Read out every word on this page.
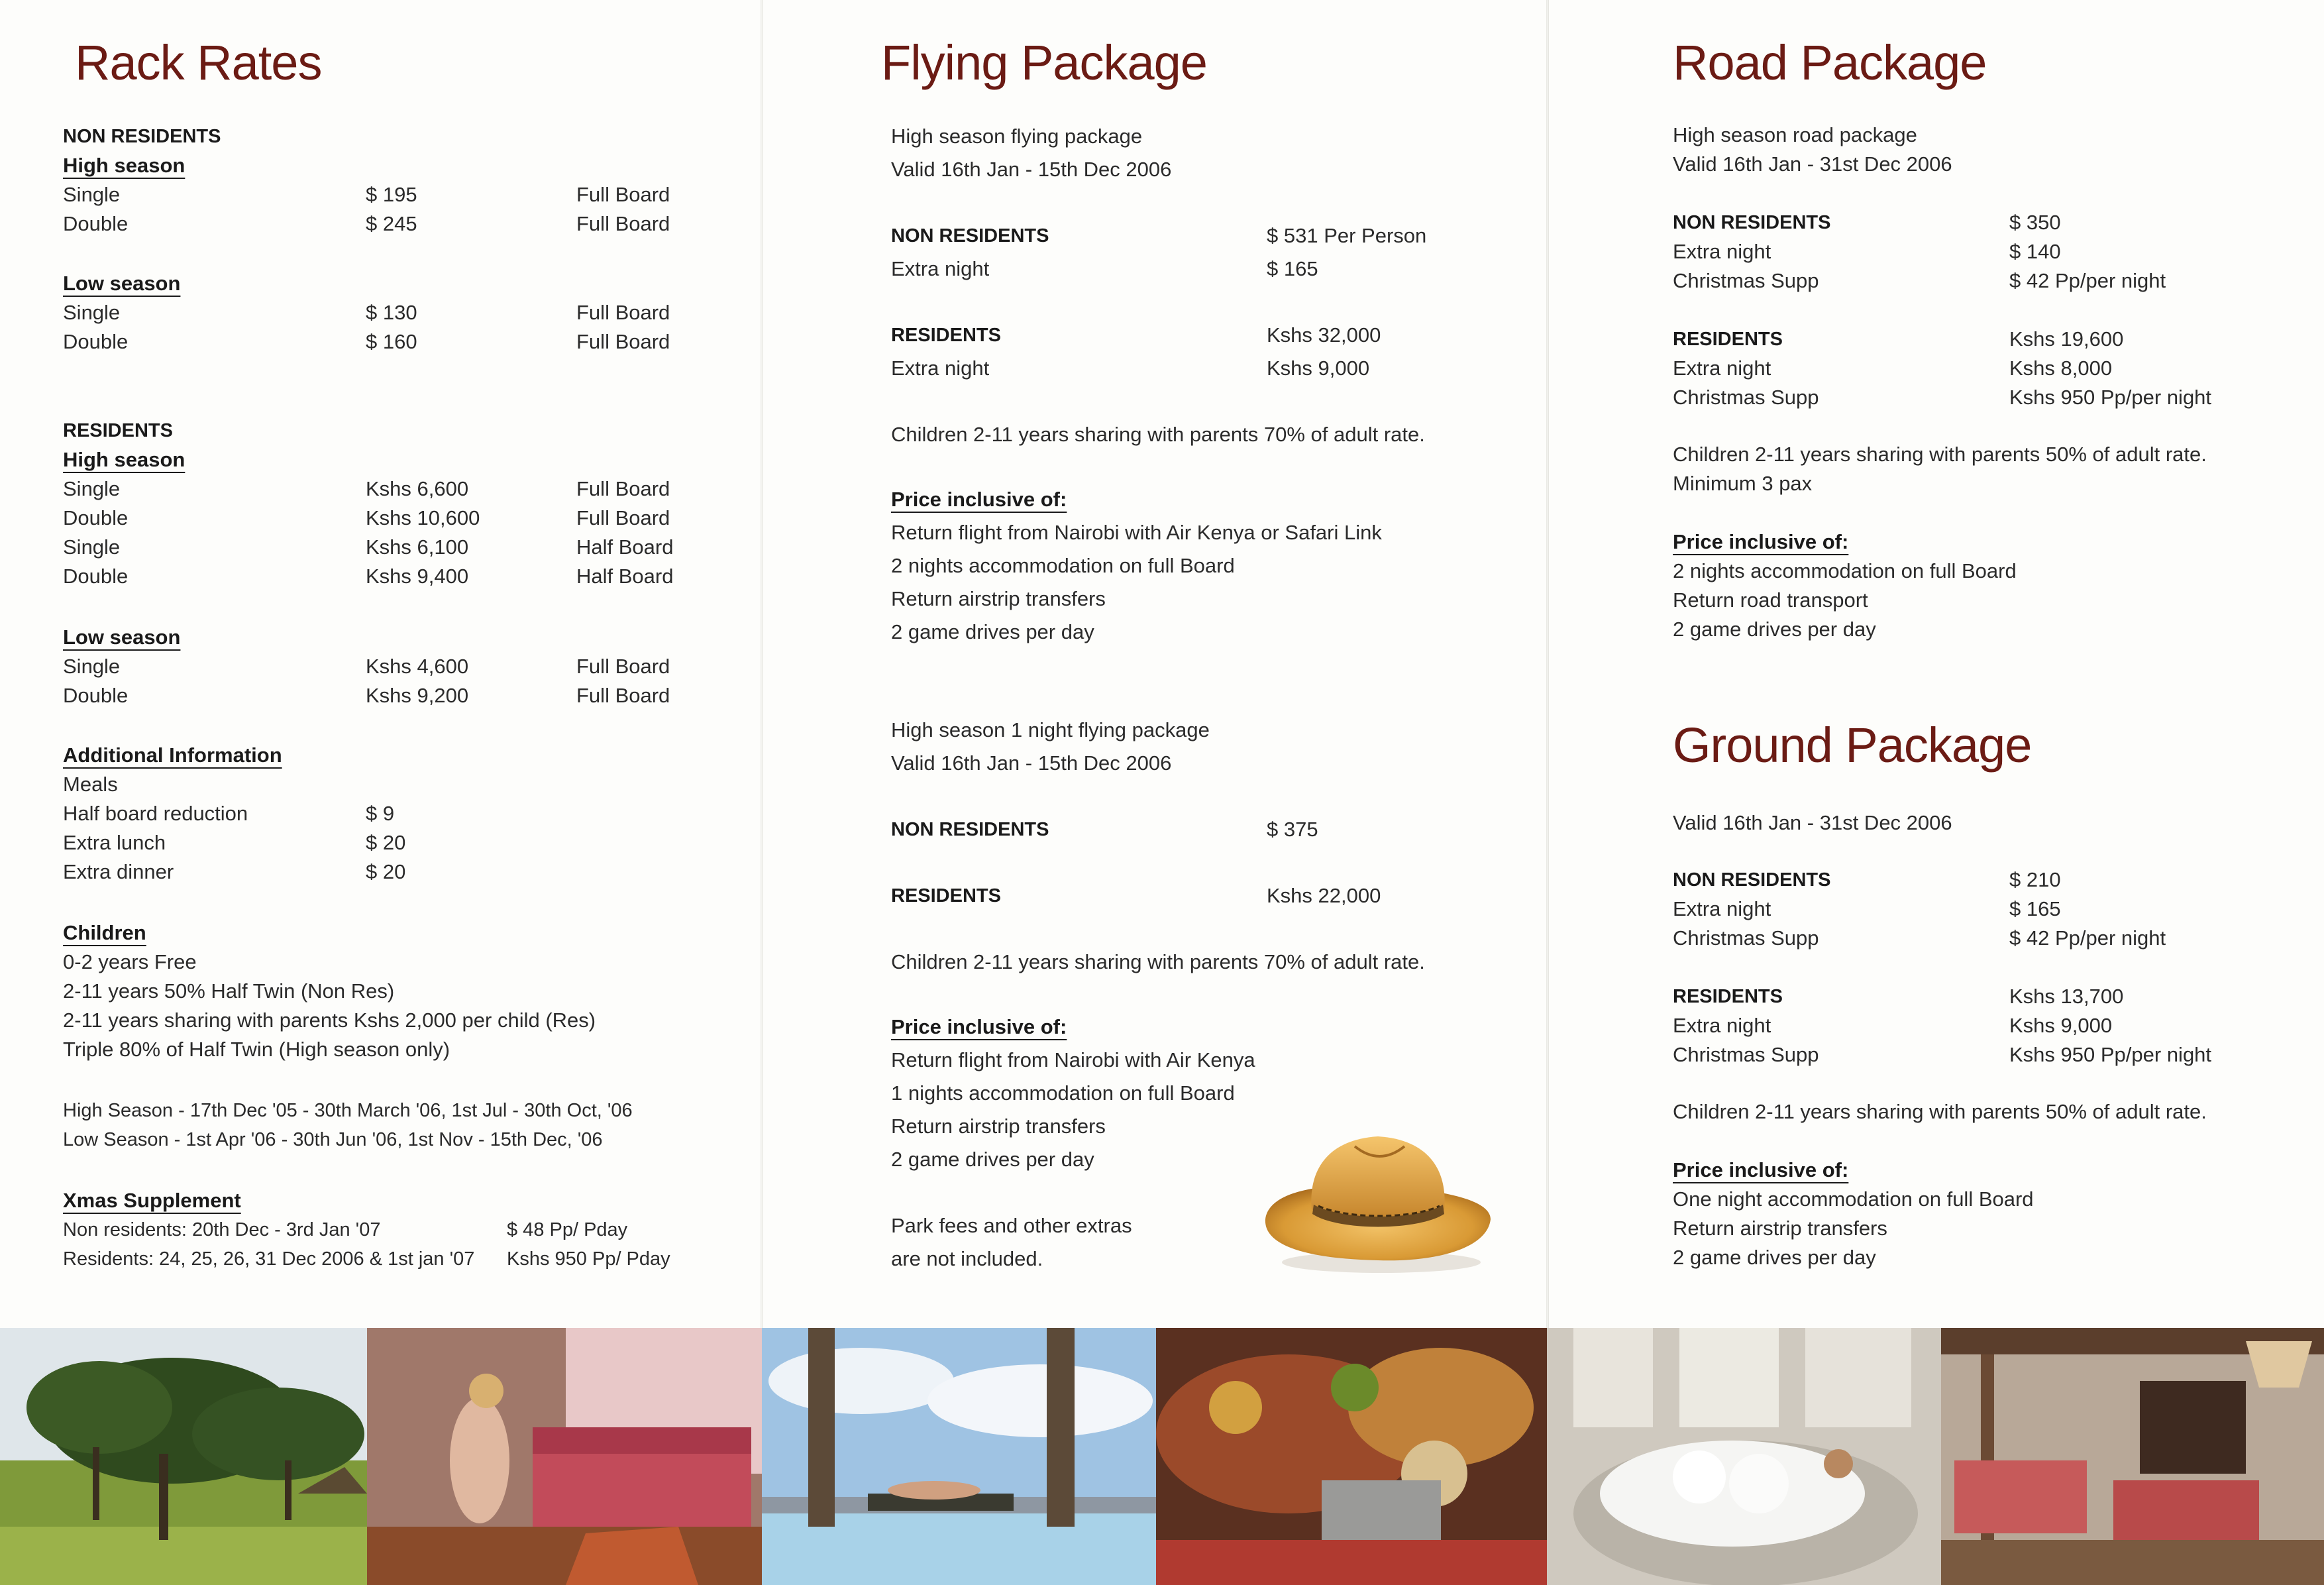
Rack Rates

NON RESIDENTS

High season

Single	$ 195	Full Board

Double	$ 245	Full Board

Low season

Single	$ 130	Full Board

Double	$ 160	Full Board

RESIDENTS

High season

Single	Kshs 6,600	Full Board

Double	Kshs 10,600	Full Board

Single	Kshs 6,100	Half Board

Double	Kshs 9,400	Half Board

Low season

Single	Kshs 4,600	Full Board

Double	Kshs 9,200	Full Board

Additional Information

Meals

Half board reduction	$ 9

Extra lunch	$ 20

Extra dinner	$ 20

Children

0-2 years Free

2-11 years 50% Half Twin (Non Res)

2-11 years sharing with parents Kshs 2,000 per child (Res)

Triple 80% of Half Twin (High season only)

High Season - 17th Dec '05 - 30th March '06, 1st Jul - 30th Oct, '06

Low Season - 1st Apr '06 - 30th Jun '06, 1st Nov - 15th Dec, '06

Xmas Supplement

Non residents: 20th Dec - 3rd Jan '07	$ 48 Pp/ Pday

Residents: 24, 25, 26, 31 Dec 2006 & 1st jan '07 Kshs 950 Pp/ Pday

Flying Package

High season flying package

Valid 16th Jan - 15th Dec 2006

NON RESIDENTS	$ 531 Per Person

Extra night	$ 165

RESIDENTS	Kshs 32,000

Extra night	Kshs 9,000

Children 2-11 years sharing with parents 70% of adult rate.

Price inclusive of:

Return flight from Nairobi with Air Kenya or Safari Link

2 nights accommodation on full Board

Return airstrip transfers

2 game drives per day

High season 1 night flying package

Valid 16th Jan - 15th Dec 2006

NON RESIDENTS	$ 375

RESIDENTS	Kshs 22,000

Children 2-11 years sharing with parents 70% of adult rate.

Price inclusive of:

Return flight from Nairobi with Air Kenya

1 nights accommodation on full Board

Return airstrip transfers

2 game drives per day

Park fees and other extras

are not included.

Road Package

High season road package

Valid 16th Jan - 31st Dec 2006

NON RESIDENTS	$ 350

Extra night	$ 140

Christmas Supp	$ 42 Pp/per night

RESIDENTS	Kshs 19,600

Extra night	Kshs 8,000

Christmas Supp	Kshs 950 Pp/per night

Children 2-11 years sharing with parents 50% of adult rate.

Minimum 3 pax

Price inclusive of:

2 nights accommodation on full Board

Return road transport

2 game drives per day

Ground Package

Valid 16th Jan - 31st Dec 2006

NON RESIDENTS	$ 210

Extra night	$ 165

Christmas Supp	$ 42 Pp/per night

RESIDENTS	Kshs 13,700

Extra night	Kshs 9,000

Christmas Supp	Kshs 950 Pp/per night

Children 2-11 years sharing with parents 50% of adult rate.

Price inclusive of:

One night accommodation on full Board

Return airstrip transfers

2 game drives per day
